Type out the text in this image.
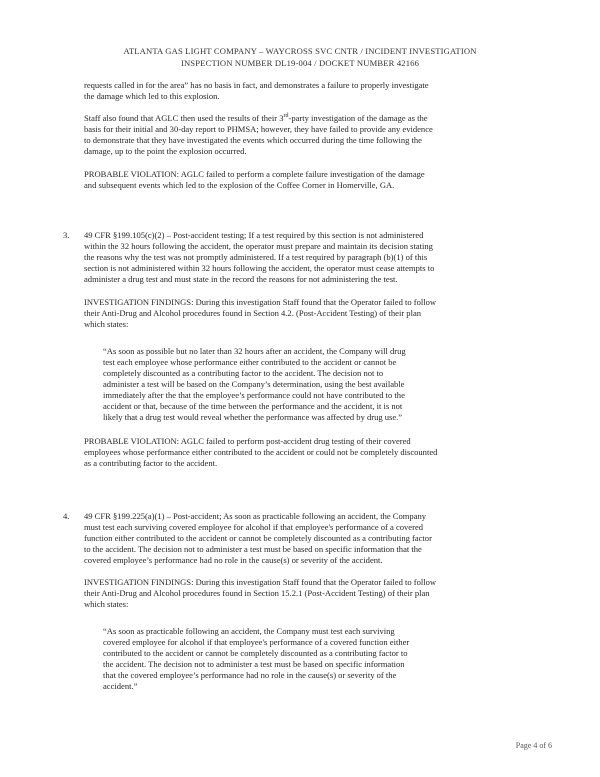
ATLANTA GAS LIGHT COMPANY – WAYCROSS SVC CNTR / INCIDENT INVESTIGATION
INSPECTION NUMBER DL19-004 / DOCKET NUMBER 42166
requests called in for the area” has no basis in fact, and demonstrates a failure to properly investigate
the damage which led to this explosion.
Staff also found that AGLC then used the results of their 3rd-party investigation of the damage as the
basis for their initial and 30-day report to PHMSA; however, they have failed to provide any evidence
to demonstrate that they have investigated the events which occurred during the time following the
damage, up to the point the explosion occurred.
PROBABLE VIOLATION: AGLC failed to perform a complete failure investigation of the damage
and subsequent events which led to the explosion of the Coffee Corner in Homerville, GA.
3. 49 CFR §199.105(c)(2) – Post-accident testing; If a test required by this section is not administered
within the 32 hours following the accident, the operator must prepare and maintain its decision stating
the reasons why the test was not promptly administered. If a test required by paragraph (b)(1) of this
section is not administered within 32 hours following the accident, the operator must cease attempts to
administer a drug test and must state in the record the reasons for not administering the test.
INVESTIGATION FINDINGS: During this investigation Staff found that the Operator failed to follow
their Anti-Drug and Alcohol procedures found in Section 4.2. (Post-Accident Testing) of their plan
which states:
“As soon as possible but no later than 32 hours after an accident, the Company will drug
test each employee whose performance either contributed to the accident or cannot be
completely discounted as a contributing factor to the accident. The decision not to
administer a test will be based on the Company’s determination, using the best available
immediately after the that the employee’s performance could not have contributed to the
accident or that, because of the time between the performance and the accident, it is not
likely that a drug test would reveal whether the performance was affected by drug use.”
PROBABLE VIOLATION: AGLC failed to perform post-accident drug testing of their covered
employees whose performance either contributed to the accident or could not be completely discounted
as a contributing factor to the accident.
4. 49 CFR §199.225(a)(1) – Post-accident; As soon as practicable following an accident, the Company
must test each surviving covered employee for alcohol if that employee's performance of a covered
function either contributed to the accident or cannot be completely discounted as a contributing factor
to the accident. The decision not to administer a test must be based on specific information that the
covered employee’s performance had no role in the cause(s) or severity of the accident.
INVESTIGATION FINDINGS: During this investigation Staff found that the Operator failed to follow
their Anti-Drug and Alcohol procedures found in Section 15.2.1 (Post-Accident Testing) of their plan
which states:
“As soon as practicable following an accident, the Company must test each surviving
covered employee for alcohol if that employee's performance of a covered function either
contributed to the accident or cannot be completely discounted as a contributing factor to
the accident. The decision not to administer a test must be based on specific information
that the covered employee’s performance had no role in the cause(s) or severity of the
accident.”
Page 4 of 6
